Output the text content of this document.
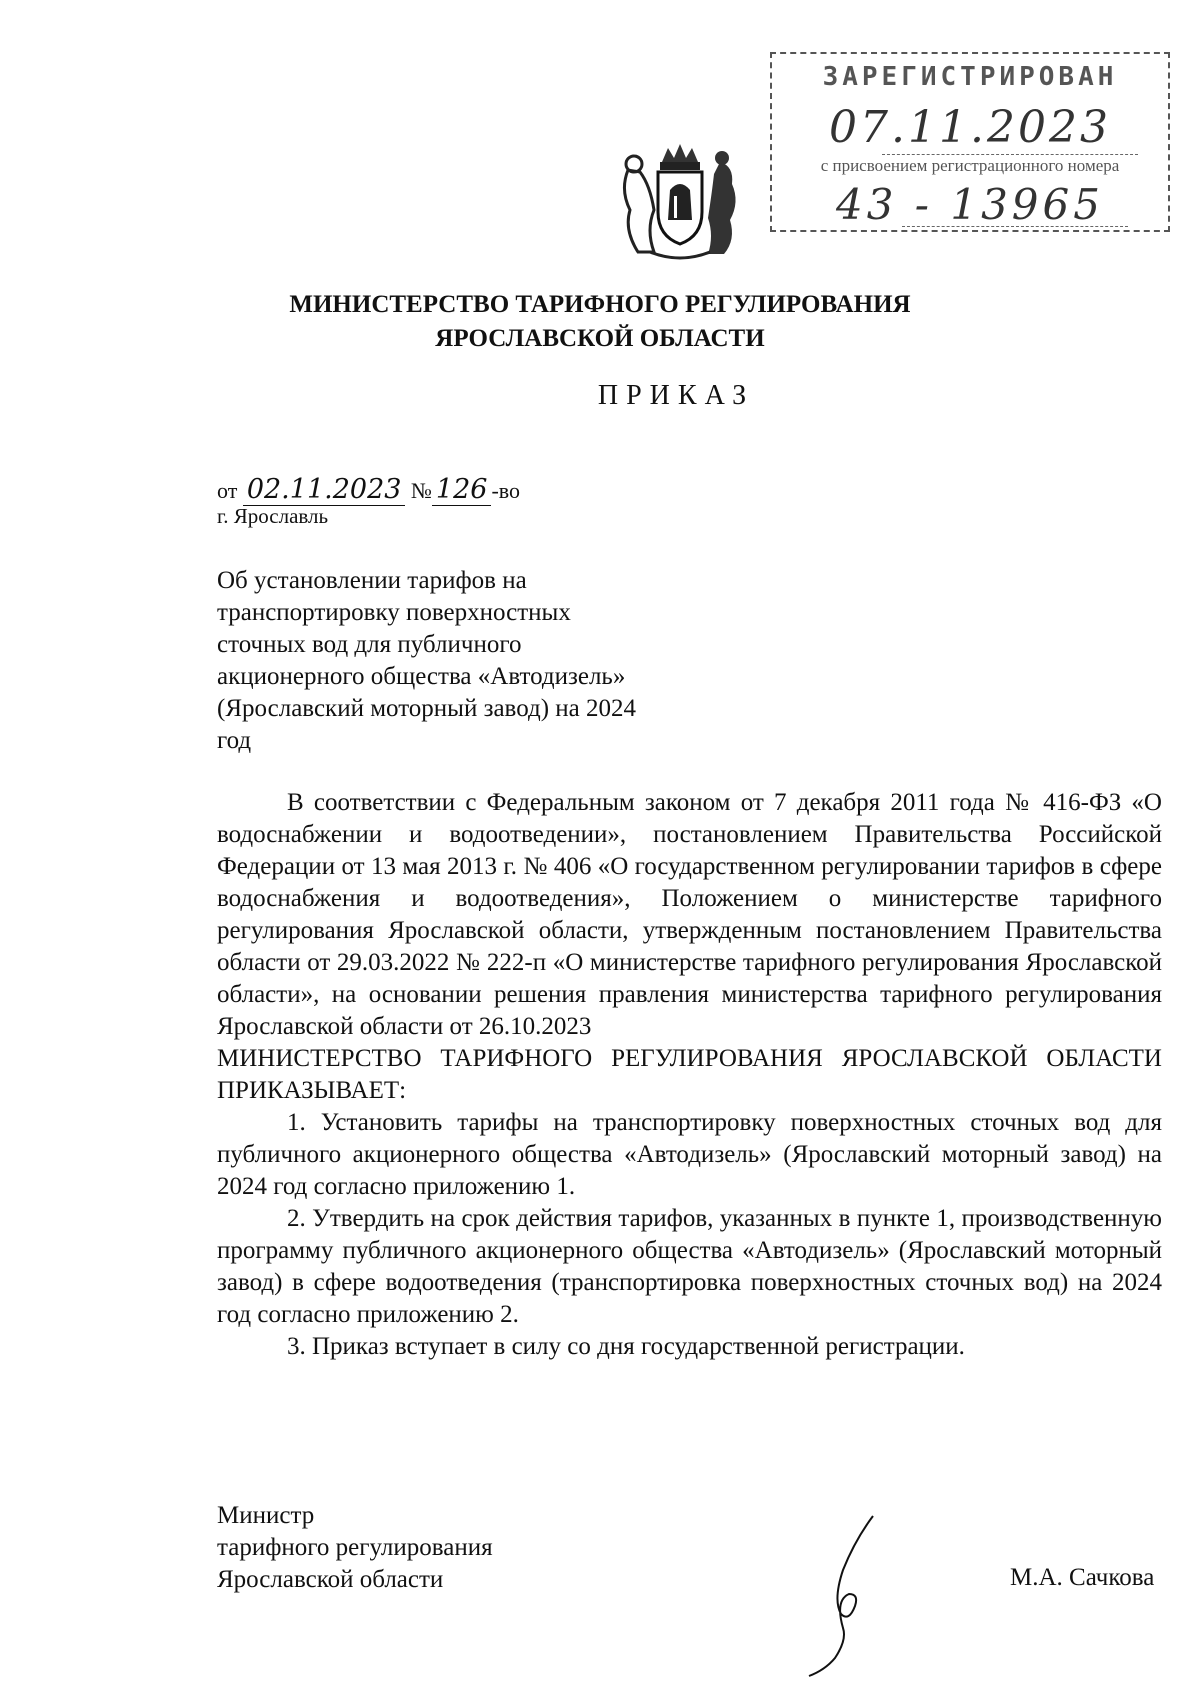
ЗАРЕГИСТРИРОВАН
07.11.2023
с присвоением регистрационного номера
43 - 13965
МИНИСТЕРСТВО ТАРИФНОГО РЕГУЛИРОВАНИЯ
ЯРОСЛАВСКОЙ ОБЛАСТИ
ПРИКАЗ
от 02.11.2023 № 126 -во
г. Ярославль
Об установлении тарифов на транспортировку поверхностных сточных вод для публичного акционерного общества «Автодизель» (Ярославский моторный завод) на 2024 год

В соответствии с Федеральным законом от 7 декабря 2011 года № 416-ФЗ «О водоснабжении и водоотведении», постановлением Правительства Российской Федерации от 13 мая 2013 г. № 406 «О государственном регулировании тарифов в сфере водоснабжения и водоотведения», Положением о министерстве тарифного регулирования Ярославской области, утвержденным постановлением Правительства области от 29.03.2022 № 222-п «О министерстве тарифного регулирования Ярославской области», на основании решения правления министерства тарифного регулирования Ярославской области от 26.10.2023

МИНИСТЕРСТВО ТАРИФНОГО РЕГУЛИРОВАНИЯ ЯРОСЛАВСКОЙ ОБЛАСТИ ПРИКАЗЫВАЕТ:

1. Установить тарифы на транспортировку поверхностных сточных вод для публичного акционерного общества «Автодизель» (Ярославский моторный завод) на 2024 год согласно приложению 1.

2. Утвердить на срок действия тарифов, указанных в пункте 1, производственную программу публичного акционерного общества «Автодизель» (Ярославский моторный завод) в сфере водоотведения (транспортировка поверхностных сточных вод) на 2024 год согласно приложению 2.

3. Приказ вступает в силу со дня государственной регистрации.

Министр
тарифного регулирования
Ярославской области	М.А. Сачкова
